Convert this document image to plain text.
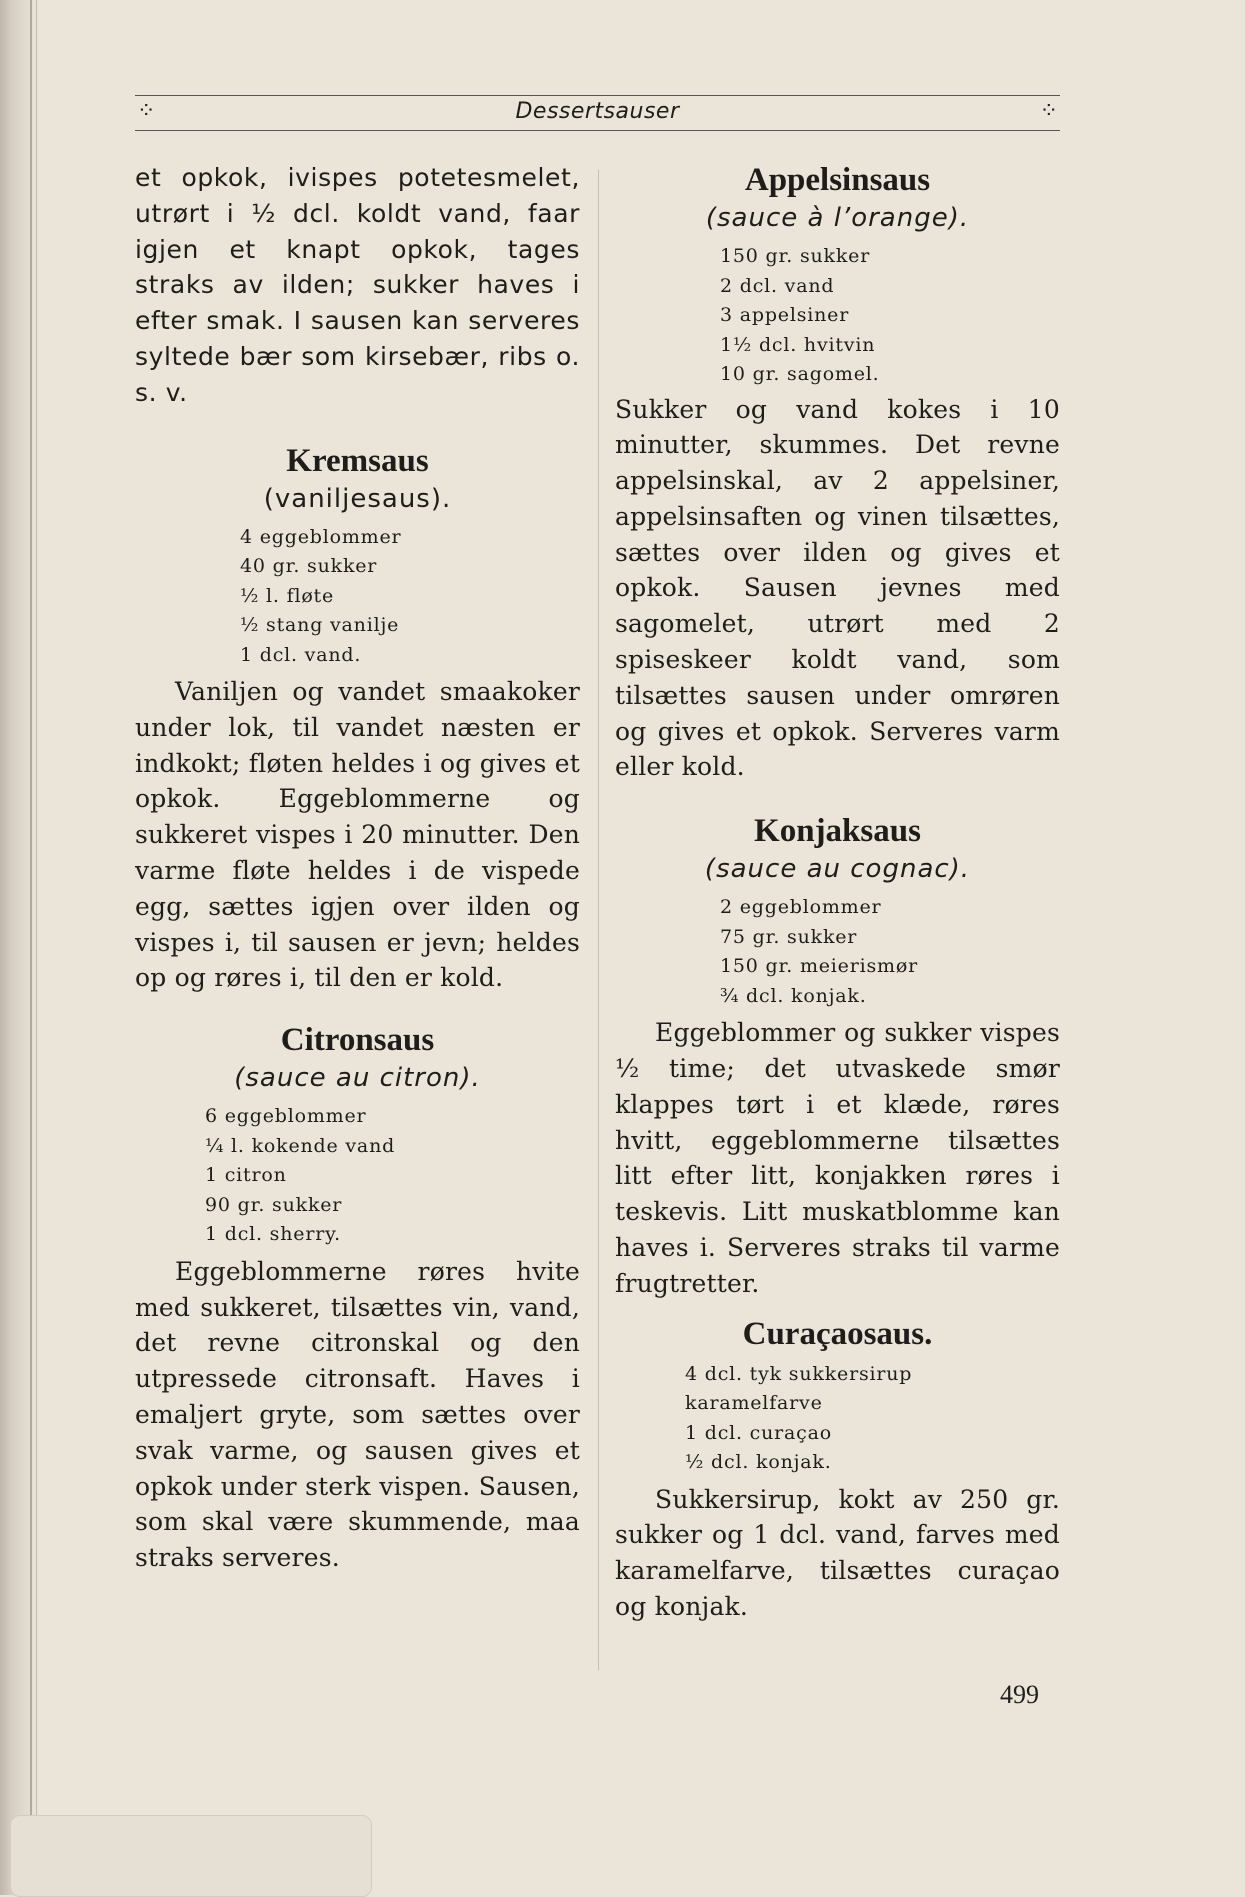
⁘	Dessertsauser	⁘

et opkok, ivispes potetesmelet, utrørt i ½ dcl. koldt vand, faar igjen et knapt opkok, tages straks av ilden; sukker haves i efter smak. I sausen kan serveres syltede bær som kirsebær, ribs o. s. v.

Kremsaus
(vaniljesaus).
4 eggeblommer
40 gr. sukker
½ l. fløte
½ stang vanilje
1 dcl. vand.

Vaniljen og vandet smaakoker under lok, til vandet næsten er indkokt; fløten heldes i og gives et opkok. Eggeblommerne og sukkeret vispes i 20 minutter. Den varme fløte heldes i de vispede egg, sættes igjen over ilden og vispes i, til sausen er jevn; heldes op og røres i, til den er kold.

Citronsaus
(sauce au citron).
6 eggeblommer
¼ l. kokende vand
1 citron
90 gr. sukker
1 dcl. sherry.

Eggeblommerne røres hvite med sukkeret, tilsættes vin, vand, det revne citronskal og den utpressede citronsaft. Haves i emaljert gryte, som sættes over svak varme, og sausen gives et opkok under sterk vispen. Sausen, som skal være skummende, maa straks serveres.

Appelsinsaus
(sauce à l’orange).
150 gr. sukker
2 dcl. vand
3 appelsiner
1½ dcl. hvitvin
10 gr. sagomel.

Sukker og vand kokes i 10 minutter, skummes. Det revne appelsinskal, av 2 appelsiner, appelsinsaften og vinen tilsættes, sættes over ilden og gives et opkok. Sausen jevnes med sagomelet, utrørt med 2 spiseskeer koldt vand, som tilsættes sausen under omrøren og gives et opkok. Serveres varm eller kold.

Konjaksaus
(sauce au cognac).
2 eggeblommer
75 gr. sukker
150 gr. meierismør
¾ dcl. konjak.

Eggeblommer og sukker vispes ½ time; det utvaskede smør klappes tørt i et klæde, røres hvitt, eggeblommerne tilsættes litt efter litt, konjakken røres i teskevis. Litt muskatblomme kan haves i. Serveres straks til varme frugtretter.

Curaçaosaus.
4 dcl. tyk sukkersirup
karamelfarve
1 dcl. curaçao
½ dcl. konjak.

Sukkersirup, kokt av 250 gr. sukker og 1 dcl. vand, farves med karamelfarve, tilsættes curaçao og konjak.

499
